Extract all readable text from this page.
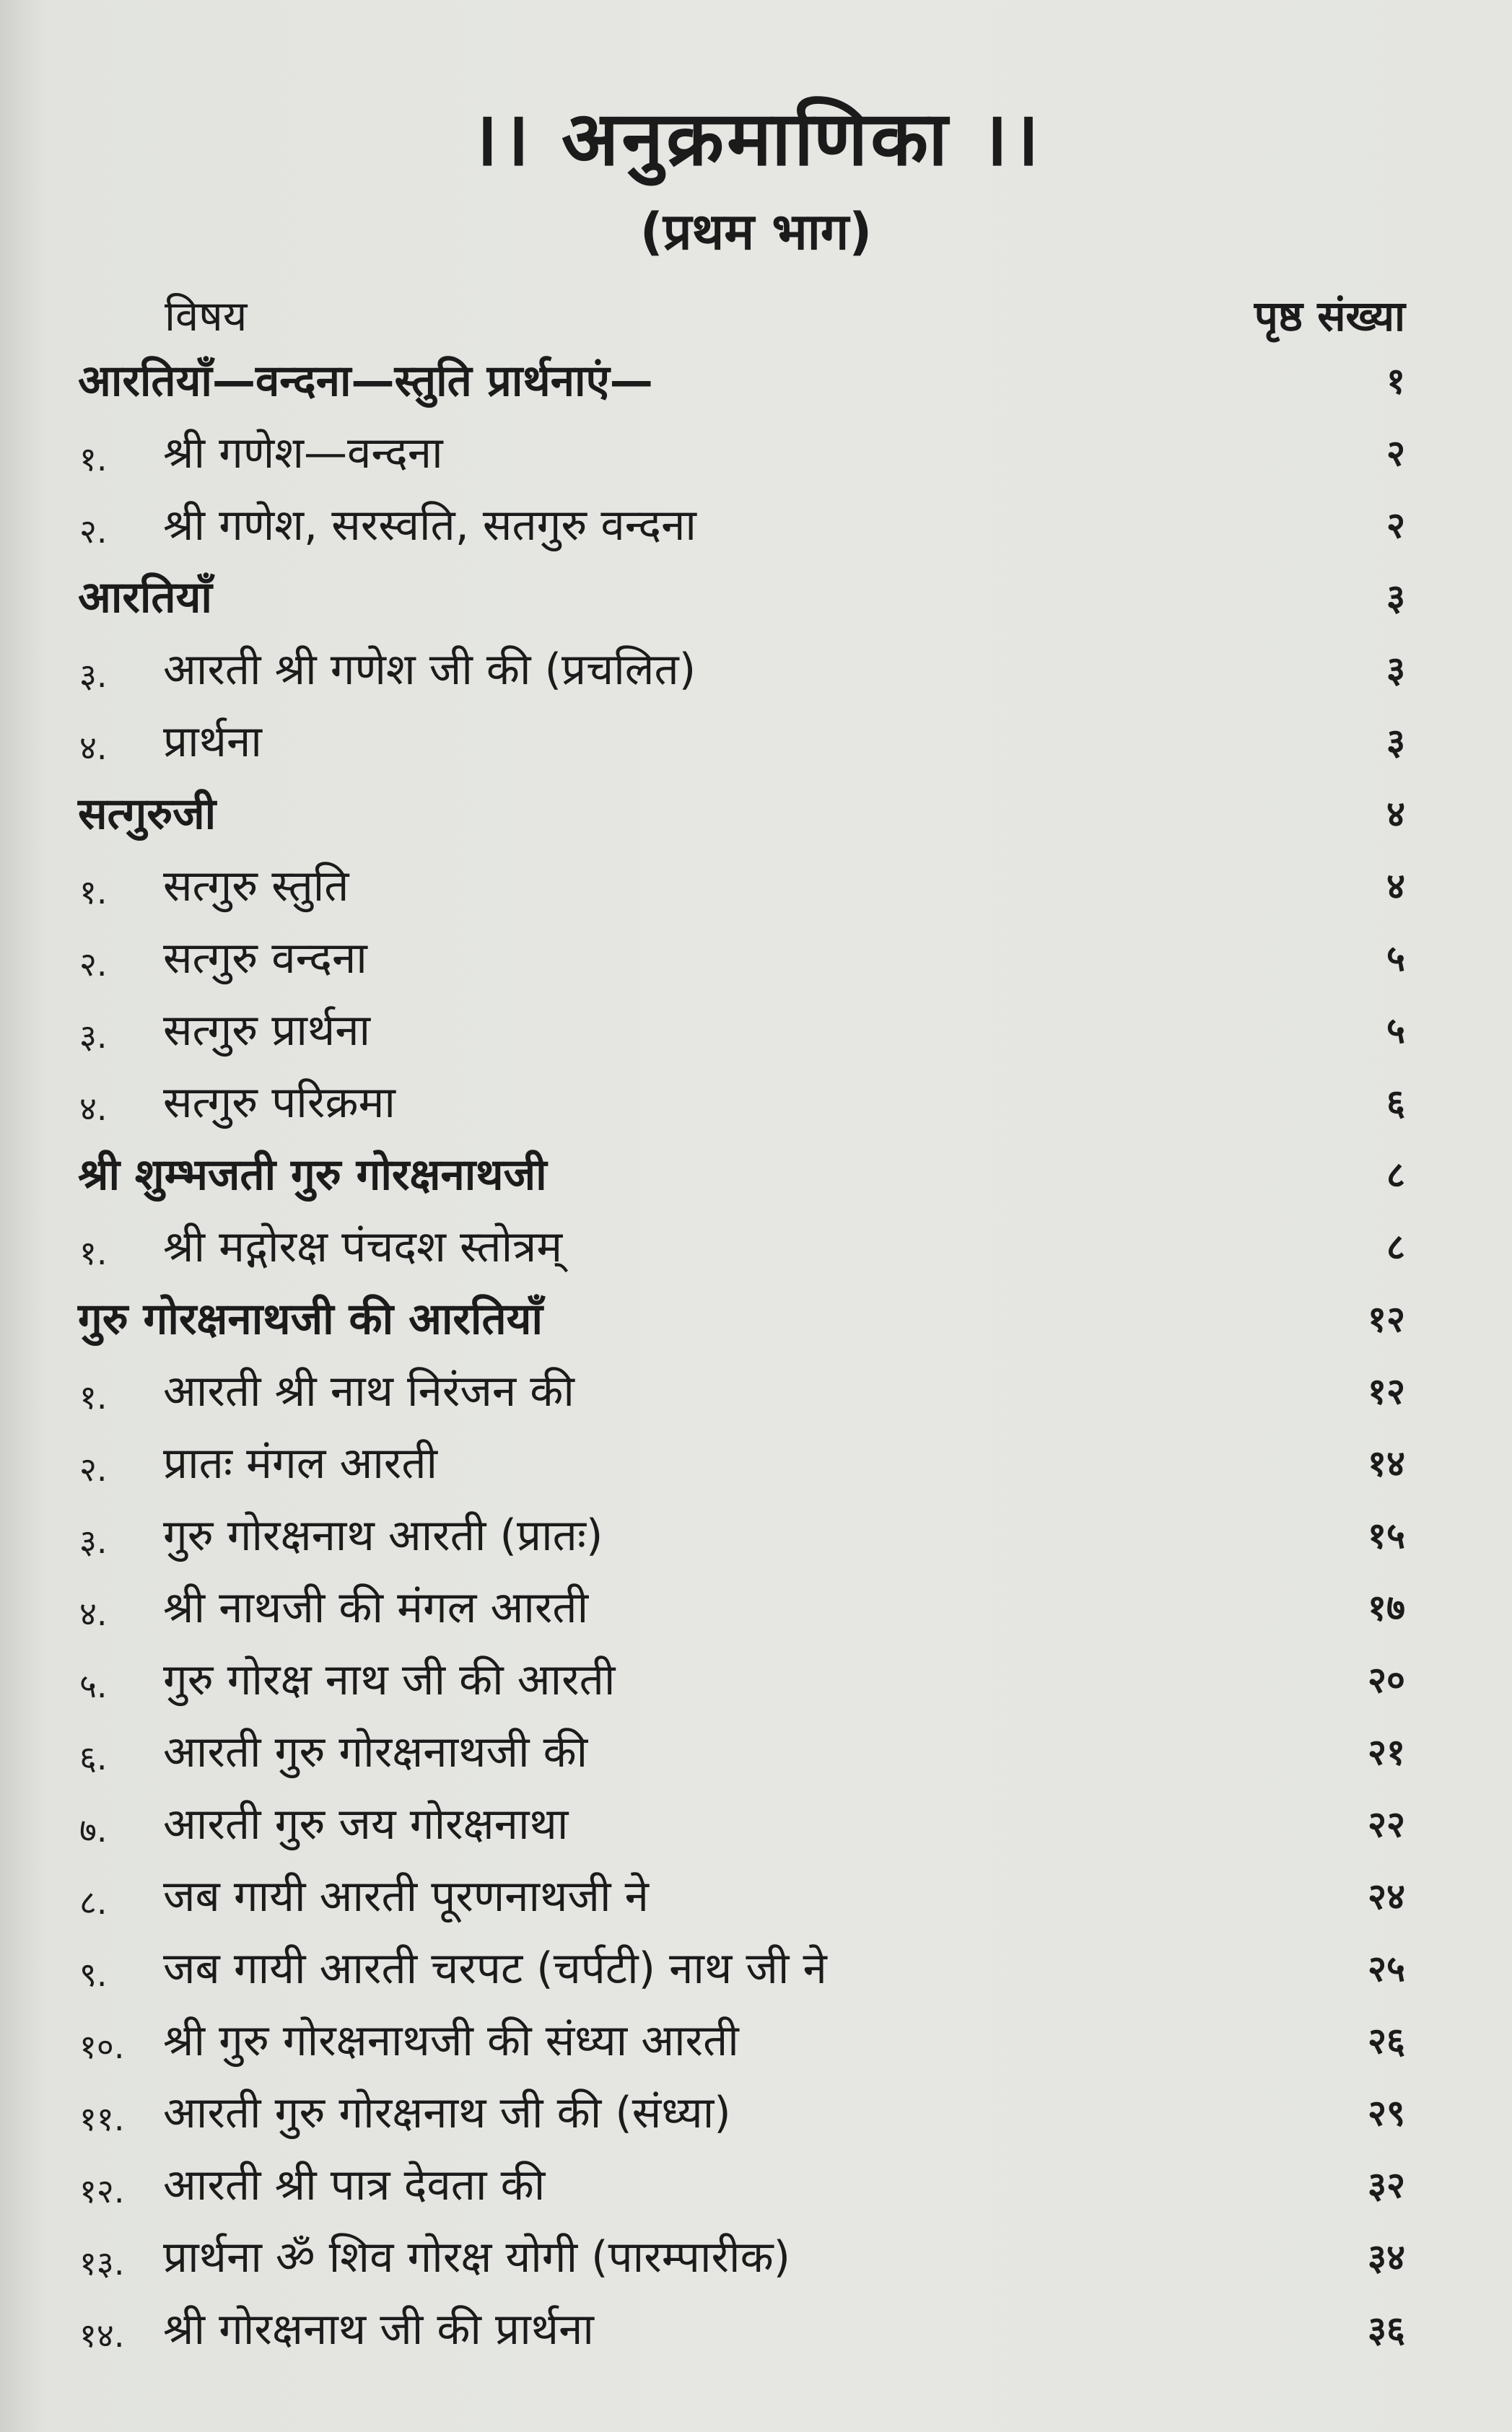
।। अनुक्रमाणिका ।।
(प्रथम भाग)
विषय	पृष्ठ संख्या
आरतियाँ—वन्दना—स्तुति प्रार्थनाएं—	१
१. श्री गणेश—वन्दना	२
२. श्री गणेश, सरस्वति, सतगुरु वन्दना	२
आरतियाँ	३
३. आरती श्री गणेश जी की (प्रचलित)	३
४. प्रार्थना	३
सत्गुरुजी	४
१. सत्गुरु स्तुति	४
२. सत्गुरु वन्दना	५
३. सत्गुरु प्रार्थना	५
४. सत्गुरु परिक्रमा	६
श्री शुम्भजती गुरु गोरक्षनाथजी	८
१. श्री मद्गोरक्ष पंचदश स्तोत्रम्	८
गुरु गोरक्षनाथजी की आरतियाँ	१२
१. आरती श्री नाथ निरंजन की	१२
२. प्रातः मंगल आरती	१४
३. गुरु गोरक्षनाथ आरती (प्रातः)	१५
४. श्री नाथजी की मंगल आरती	१७
५. गुरु गोरक्ष नाथ जी की आरती	२०
६. आरती गुरु गोरक्षनाथजी की	२१
७. आरती गुरु जय गोरक्षनाथा	२२
८. जब गायी आरती पूरणनाथजी ने	२४
९. जब गायी आरती चरपट (चर्पटी) नाथ जी ने	२५
१०. श्री गुरु गोरक्षनाथजी की संध्या आरती	२६
११. आरती गुरु गोरक्षनाथ जी की (संध्या)	२९
१२. आरती श्री पात्र देवता की	३२
१३. प्रार्थना ॐ शिव गोरक्ष योगी (पारम्पारीक)	३४
१४. श्री गोरक्षनाथ जी की प्रार्थना	३६
